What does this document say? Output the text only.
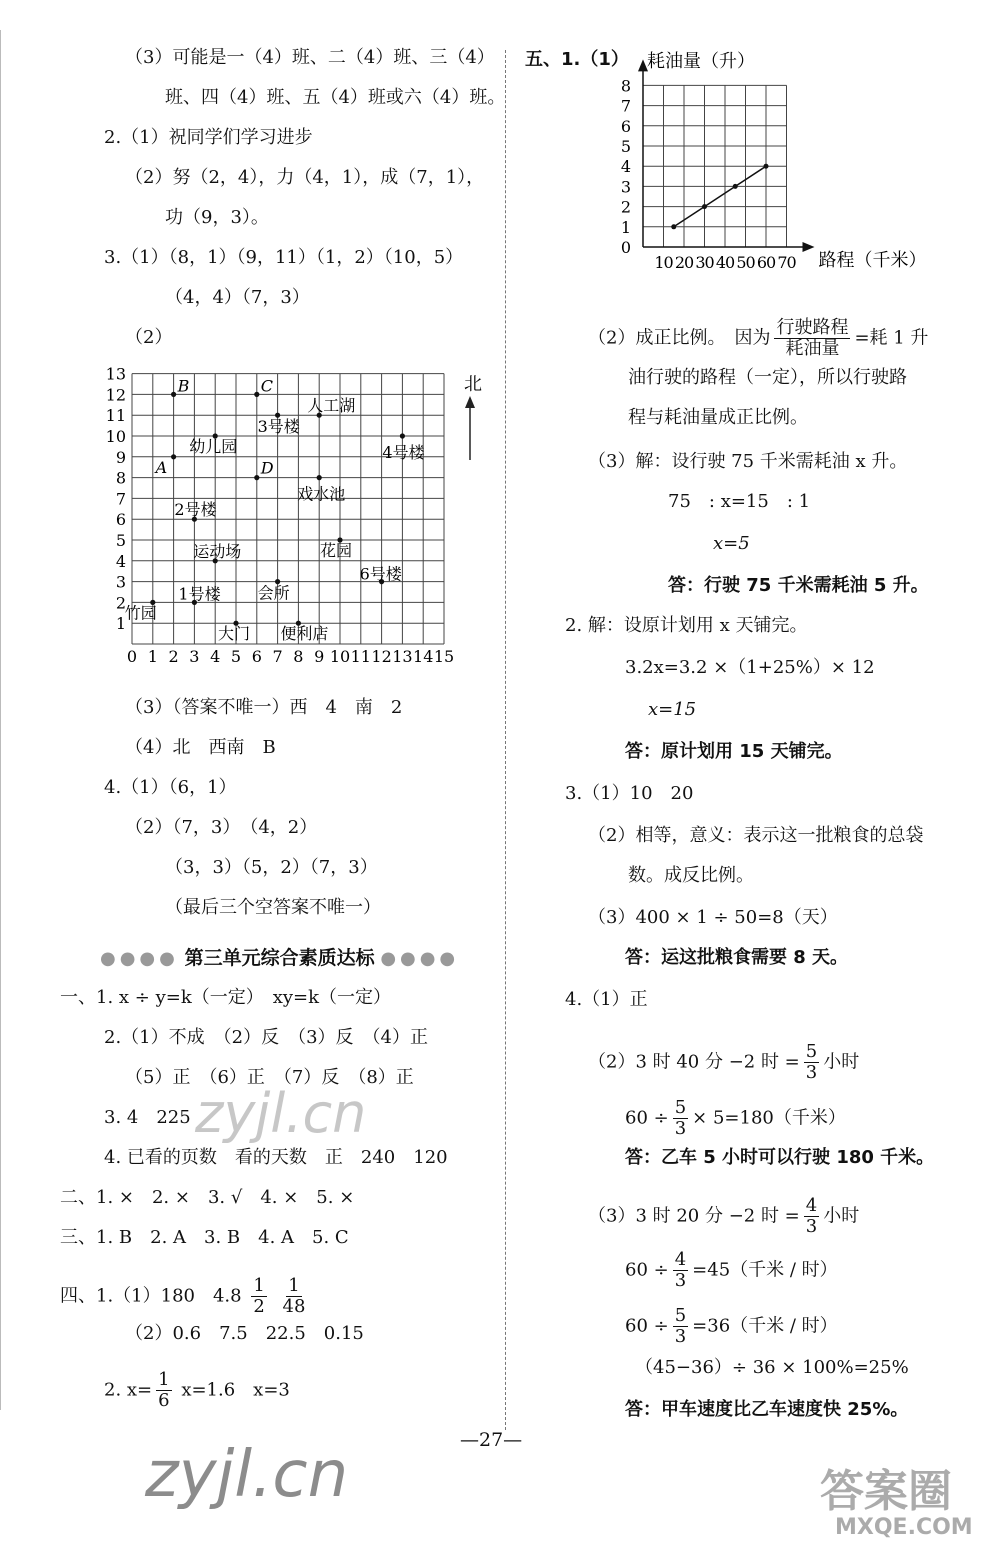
（3）可能是一（4）班、二（4）班、三（4）
班、四（4）班、五（4）班或六（4）班。
2.（1）祝同学们学习进步
（2）努（2，4），力（4，1），成（7，1），
功（9，3）。
3.（1）（8，1）（9，11）（1，2）（10，5）
（4，4）（7，3）
（2）
0 1 2 3 4 5 6 7 8 9 10 11 12 13 14 15
1
2
3
4
5
6
7
8
9
10
11
12
13	北
B	C
人工湖
3号楼
4号楼
幼儿园
A	D
戏水池
2号楼
运动场	花园
6号楼
1号楼 会所
竹园
大门 便利店
（3）（答案不唯一）西　4　南　2
（4）北　西南　B
4.（1）（6，1）
（2）（7，3）　（4，2）
（3，3）（5，2）（7，3）
（最后三个空答案不唯一）
●●●● 第三单元综合素质达标 ●●●●
一、1. x ÷ y=k（一定）　xy=k（一定）
2.（1）不成　（2）反　（3）反　（4）正
（5）正　（6）正　（7）反　（8）正
3. 4　225
4. 已看的页数　看的天数　正　240　120
二、1. ×　2. ×　3. √　4. ×　5. ×
三、1. B　2. A　3. B　4. A　5. C
四、1.（1）180　$4.8 \frac{1}{2}$
$\frac{1}{48}$
（2）0.6　7.5　22.5　0.15
2. $x= \frac{1}{6} x=1.6$　x=3
五、1.（1）
0
1
2
3
4
5
6
7
8
10 20 30 40 50 60 70
耗油量（升）
路程（千米）
（2）成正比例。　因为 $\frac{\text{行驶路程}}{\text{耗油量}}$ =耗 1 升
油行驶的路程（一定），所以行驶路
程与耗油量成正比例。
（3）解：设行驶 75 千米需耗油 x 升。
75　: x=15　: 1
x=5
答：行驶 75 千米需耗油 5 升。
2. 解：设原计划用 x 天铺完。
3.2x=3.2 ×（1+25%）× 12
x=15
答：原计划用 15 天铺完。
3.（1）10　20
（2）相等，意义：表示这一批粮食的总袋
数。成反比例。
（3）400 × 1 ÷ 50=8（天）
答：运这批粮食需要 8 天。
4.（1）正
（2）3 时 40 分 −2 时 = $\frac{5}{3}$ 小时
$60 \div \frac{5}{3} \times 5=180$（千米）
答：乙车 5 小时可以行驶 180 千米。
（3）3 时 20 分 −2 时 = $\frac{4}{3}$ 小时
$60 \div \frac{4}{3} =45$（千米 / 时）
$60 \div \frac{5}{3} =36$（千米 / 时）
（45−36）÷ 36 × 100%=25%
答：甲车速度比乙车速度快 25%。
—27—
zyjl.cn
zyjl.cn	答案圈
MXQE.COM
